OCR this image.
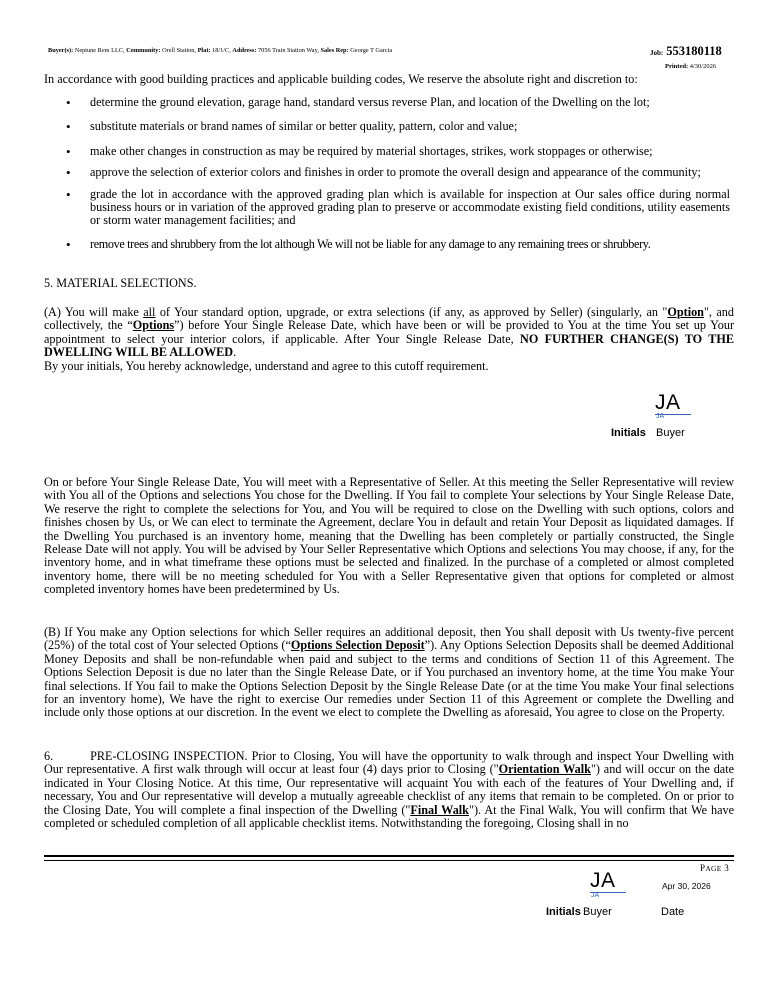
Buyer(s): Neptune Rem LLC, Community: Orell Station, Plat: 18/1/C, Address: 7056 Train Station Way, Sales Rep: George T Garcia	Job: 553180118
Printed: 4/30/2026
In accordance with good building practices and applicable building codes, We reserve the absolute right and discretion to:
• determine the ground elevation, garage hand, standard versus reverse Plan, and location of the Dwelling on the lot;
• substitute materials or brand names of similar or better quality, pattern, color and value;
• make other changes in construction as may be required by material shortages, strikes, work stoppages or otherwise;
• approve the selection of exterior colors and finishes in order to promote the overall design and appearance of the community;
• grade the lot in accordance with the approved grading plan which is available for inspection at Our sales office during normal business hours or in variation of the approved grading plan to preserve or accommodate existing field conditions, utility easements or storm water management facilities; and
• remove trees and shrubbery from the lot although We will not be liable for any damage to any remaining trees or shrubbery.
5. MATERIAL SELECTIONS.
(A) You will make all of Your standard option, upgrade, or extra selections (if any, as approved by Seller) (singularly, an "Option", and collectively, the “Options”) before Your Single Release Date, which have been or will be provided to You at the time You set up Your appointment to select your interior colors, if applicable. After Your Single Release Date, NO FURTHER CHANGE(S) TO THE DWELLING WILL BE ALLOWED.
By your initials, You hereby acknowledge, understand and agree to this cutoff requirement.
JA
JA
Initials Buyer
On or before Your Single Release Date, You will meet with a Representative of Seller. At this meeting the Seller Representative will review with You all of the Options and selections You chose for the Dwelling. If You fail to complete Your selections by Your Single Release Date, We reserve the right to complete the selections for You, and You will be required to close on the Dwelling with such options, colors and finishes chosen by Us, or We can elect to terminate the Agreement, declare You in default and retain Your Deposit as liquidated damages. If the Dwelling You purchased is an inventory home, meaning that the Dwelling has been completely or partially constructed, the Single Release Date will not apply. You will be advised by Your Seller Representative which Options and selections You may choose, if any, for the inventory home, and in what timeframe these options must be selected and finalized. In the purchase of a completed or almost completed inventory home, there will be no meeting scheduled for You with a Seller Representative given that options for completed or almost completed inventory homes have been predetermined by Us.
(B) If You make any Option selections for which Seller requires an additional deposit, then You shall deposit with Us twenty-five percent (25%) of the total cost of Your selected Options (“Options Selection Deposit”). Any Options Selection Deposits shall be deemed Additional Money Deposits and shall be non-refundable when paid and subject to the terms and conditions of Section 11 of this Agreement. The Options Selection Deposit is due no later than the Single Release Date, or if You purchased an inventory home, at the time You make Your final selections. If You fail to make the Options Selection Deposit by the Single Release Date (or at the time You make Your final selections for an inventory home), We have the right to exercise Our remedies under Section 11 of this Agreement or complete the Dwelling and include only those options at our discretion. In the event we elect to complete the Dwelling as aforesaid, You agree to close on the Property.
6.	PRE-CLOSING INSPECTION. Prior to Closing, You will have the opportunity to walk through and inspect Your Dwelling with Our representative. A first walk through will occur at least four (4) days prior to Closing ("Orientation Walk") and will occur on the date indicated in Your Closing Notice. At this time, Our representative will acquaint You with each of the features of Your Dwelling and, if necessary, You and Our representative will develop a mutually agreeable checklist of any items that remain to be completed. On or prior to the Closing Date, You will complete a final inspection of the Dwelling ("Final Walk"). At the Final Walk, You will confirm that We have completed or scheduled completion of all applicable checklist items. Notwithstanding the foregoing, Closing shall in no
PAGE 3
JA
JA
Apr 30, 2026
Initials Buyer	Date
